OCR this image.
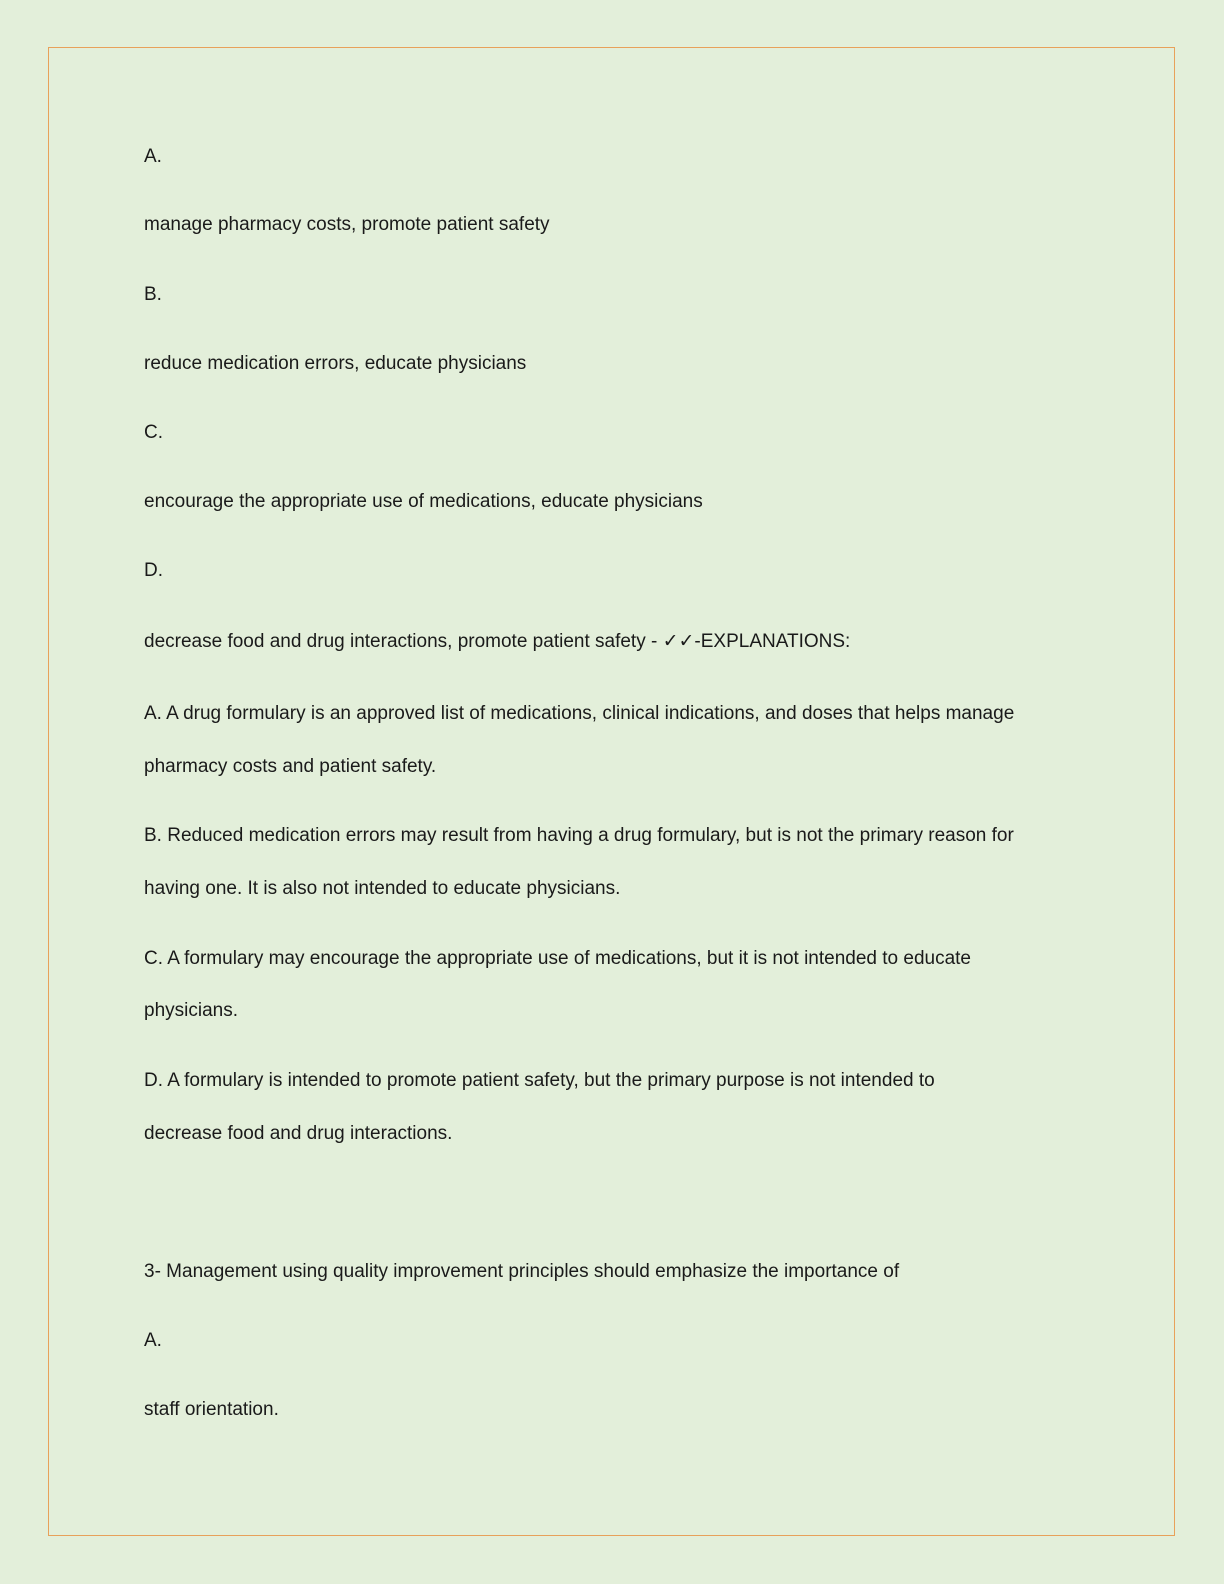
A.

manage pharmacy costs, promote patient safety

B.

reduce medication errors, educate physicians

C.

encourage the appropriate use of medications, educate physicians

D.

decrease food and drug interactions, promote patient safety - ✓✓-EXPLANATIONS:

A. A drug formulary is an approved list of medications, clinical indications, and doses that helps manage

pharmacy costs and patient safety.

B. Reduced medication errors may result from having a drug formulary, but is not the primary reason for

having one. It is also not intended to educate physicians.

C. A formulary may encourage the appropriate use of medications, but it is not intended to educate

physicians.

D. A formulary is intended to promote patient safety, but the primary purpose is not intended to

decrease food and drug interactions.

3- Management using quality improvement principles should emphasize the importance of

A.

staff orientation.
